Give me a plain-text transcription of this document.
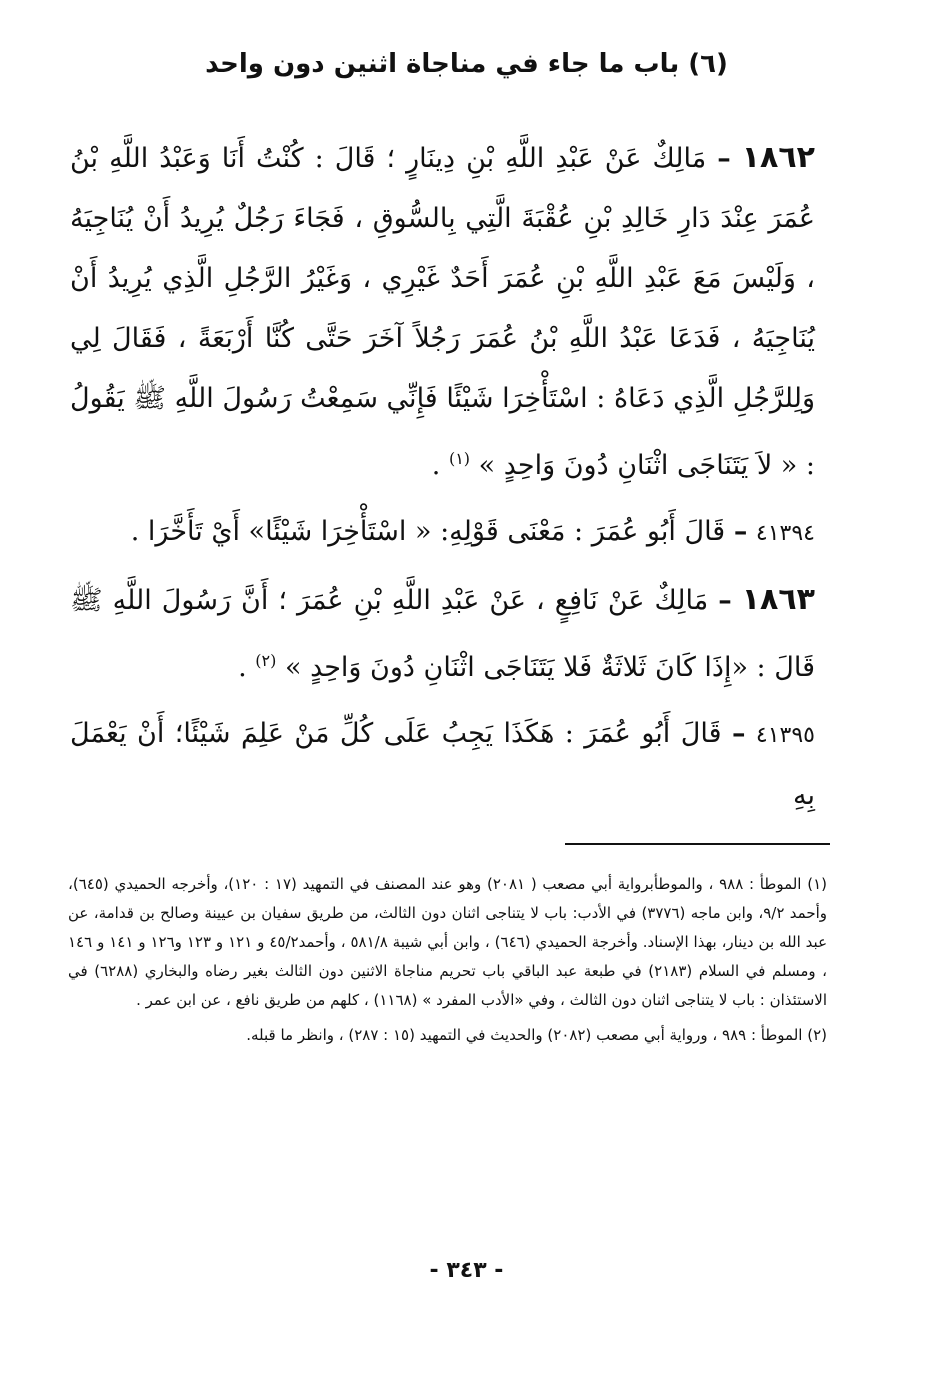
(٦) باب ما جاء في مناجاة اثنين دون واحد

١٨٦٢ – مَالِكٌ عَنْ عَبْدِ اللَّهِ بْنِ دِينَارٍ ؛ قَالَ : كُنْتُ أَنَا وَعَبْدُ اللَّهِ بْنُ عُمَرَ عِنْدَ دَارِ خَالِدِ بْنِ عُقْبَةَ الَّتِي بِالسُّوقِ ، فَجَاءَ رَجُلٌ يُرِيدُ أَنْ يُنَاجِيَهُ ، وَلَيْسَ مَعَ عَبْدِ اللَّهِ بْنِ عُمَرَ أَحَدٌ غَيْرِي ، وَغَيْرُ الرَّجُلِ الَّذِي يُرِيدُ أَنْ يُنَاجِيَهُ ، فَدَعَا عَبْدُ اللَّهِ بْنُ عُمَرَ رَجُلاً آخَرَ حَتَّى كُنَّا أَرْبَعَةً ، فَقَالَ لِي وَلِلرَّجُلِ الَّذِي دَعَاهُ : اسْتَأْخِرَا شَيْئًا فَإِنِّي سَمِعْتُ رَسُولَ اللَّهِ ﷺ يَقُولُ : « لاَ يَتَنَاجَى اثْنَانِ دُونَ وَاحِدٍ » $^{(١)}$ .

٤١٣٩٤ – قَالَ أَبُو عُمَرَ : مَعْنَى قَوْلِهِ: « اسْتَأْخِرَا شَيْئًا» أَيْ تَأَخَّرَا .

١٨٦٣ – مَالِكٌ عَنْ نَافِعٍ ، عَنْ عَبْدِ اللَّهِ بْنِ عُمَرَ ؛ أَنَّ رَسُولَ اللَّهِ ﷺ قَالَ : «إِذَا كَانَ ثَلاثَةٌ فَلا يَتَنَاجَى اثْنَانِ دُونَ وَاحِدٍ » $^{(٢)}$ .

٤١٣٩٥ – قَالَ أَبُو عُمَرَ : هَكَذَا يَجِبُ عَلَى كُلِّ مَنْ عَلِمَ شَيْئًا؛ أَنْ يَعْمَلَ بِهِ

(١) الموطأ : ٩٨٨ ، والموطأبرواية أبي مصعب ( ٢٠٨١) وهو عند المصنف في التمهيد (١٧ : ١٢٠)، وأخرجه الحميدي (٦٤٥)، وأحمد ٩/٢، وابن ماجه (٣٧٧٦) في الأدب: باب لا يتناجى اثنان دون الثالث، من طريق سفيان بن عيينة وصالح بن قدامة، عن عبد الله بن دينار، بهذا الإسناد. وأخرجة الحميدي (٦٤٦) ، وابن أبي شيبة ٥٨١/٨ ، وأحمد٤٥/٢ و ١٢١ و ١٢٣ و١٢٦ و ١٤١ و ١٤٦ ، ومسلم في السلام (٢١٨٣) في طبعة عبد الباقي باب تحريم مناجاة الاثنين دون الثالث بغير رضاه والبخاري (٦٢٨٨) في الاستئذان : باب لا يتناجى اثنان دون الثالث ، وفي «الأدب المفرد » (١١٦٨) ، كلهم من طريق نافع ، عن ابن عمر .

(٢) الموطأ : ٩٨٩ ، ورواية أبي مصعب (٢٠٨٢) والحديث في التمهيد (١٥ : ٢٨٧) ، وانظر ما قبله.

- ٣٤٣ -
